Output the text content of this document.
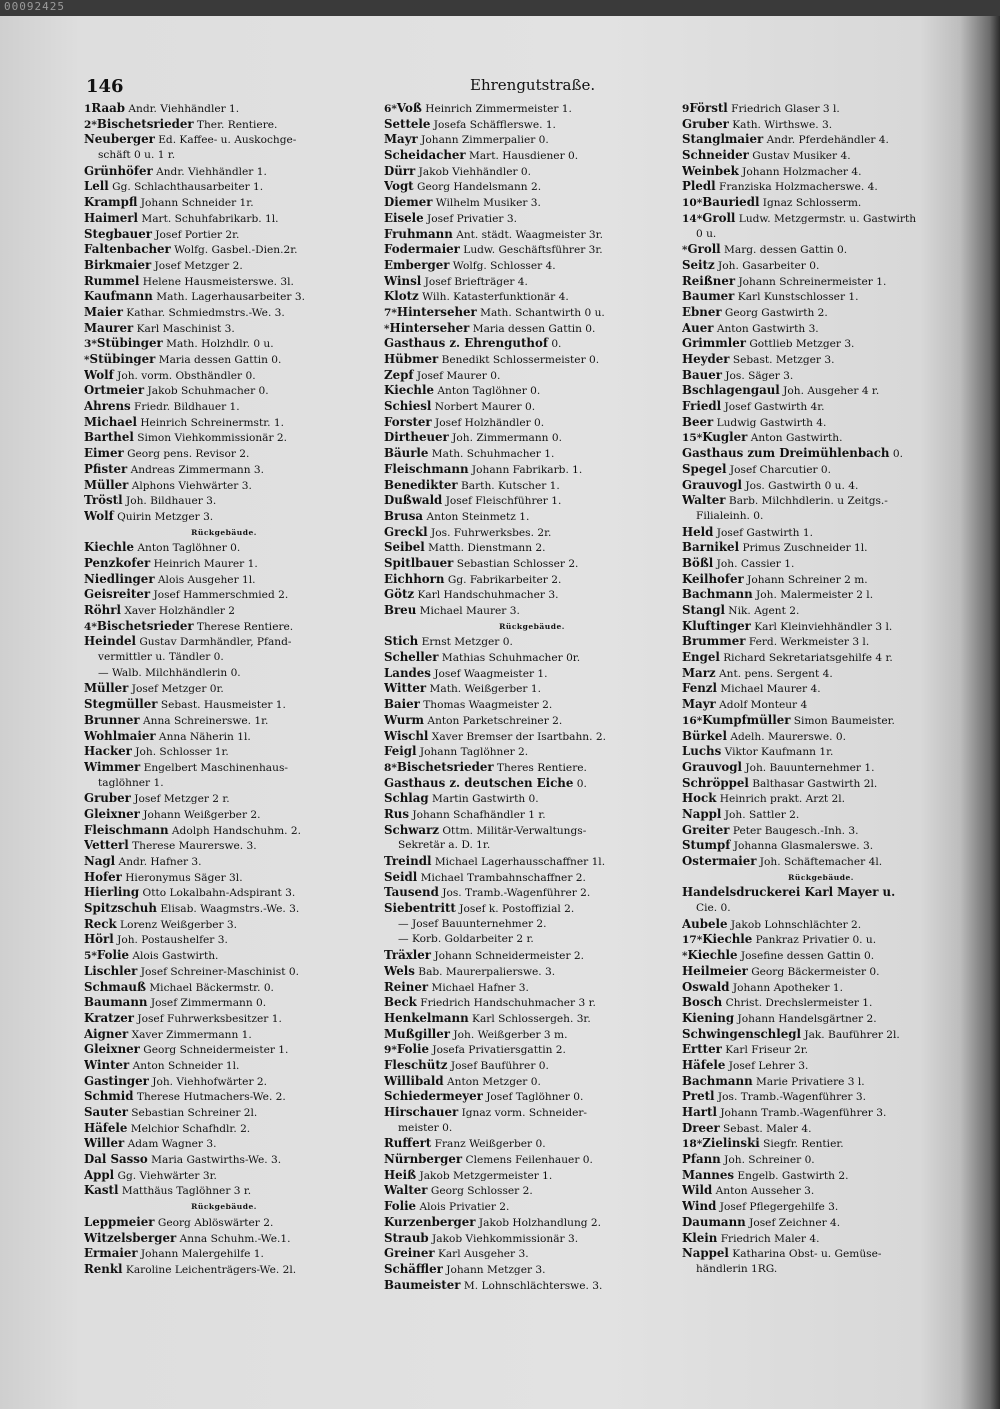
00092425
146	Ehrengutstraße.
1Raab Andr. Viehhändler 1.
2*Bischetsrieder Ther. Rentiere.
Neuberger Ed. Kaffee- u. Auskochge-
schäft 0 u. 1 r.
Grünhöfer Andr. Viehhändler 1.
Lell Gg. Schlachthausarbeiter 1.
Krampfl Johann Schneider 1r.
Haimerl Mart. Schuhfabrikarb. 1l.
Stegbauer Josef Portier 2r.
Faltenbacher Wolfg. Gasbel.-Dien.2r.
Birkmaier Josef Metzger 2.
Rummel Helene Hausmeisterswe. 3l.
Kaufmann Math. Lagerhausarbeiter 3.
Maier Kathar. Schmiedmstrs.-We. 3.
Maurer Karl Maschinist 3.
3*Stübinger Math. Holzhdlr. 0 u.
*Stübinger Maria dessen Gattin 0.
Wolf Joh. vorm. Obsthändler 0.
Ortmeier Jakob Schuhmacher 0.
Ahrens Friedr. Bildhauer 1.
Michael Heinrich Schreinermstr. 1.
Barthel Simon Viehkommissionär 2.
Eimer Georg pens. Revisor 2.
Pfister Andreas Zimmermann 3.
Müller Alphons Viehwärter 3.
Tröstl Joh. Bildhauer 3.
Wolf Quirin Metzger 3.
Rückgebäude.
Kiechle Anton Taglöhner 0.
Penzkofer Heinrich Maurer 1.
Niedlinger Alois Ausgeher 1l.
Geisreiter Josef Hammerschmied 2.
Röhrl Xaver Holzhändler 2
4*Bischetsrieder Therese Rentiere.
Heindel Gustav Darmhändler, Pfand-
vermittler u. Tändler 0.
— Walb. Milchhändlerin 0.
Müller Josef Metzger 0r.
Stegmüller Sebast. Hausmeister 1.
Brunner Anna Schreinerswe. 1r.
Wohlmaier Anna Näherin 1l.
Hacker Joh. Schlosser 1r.
Wimmer Engelbert Maschinenhaus-
taglöhner 1.
Gruber Josef Metzger 2 r.
Gleixner Johann Weißgerber 2.
Fleischmann Adolph Handschuhm. 2.
Vetterl Therese Maurerswe. 3.
Nagl Andr. Hafner 3.
Hofer Hieronymus Säger 3l.
Hierling Otto Lokalbahn-Adspirant 3.
Spitzschuh Elisab. Waagmstrs.-We. 3.
Reck Lorenz Weißgerber 3.
Hörl Joh. Postaushelfer 3.
5*Folie Alois Gastwirth.
Lischler Josef Schreiner-Maschinist 0.
Schmauß Michael Bäckermstr. 0.
Baumann Josef Zimmermann 0.
Kratzer Josef Fuhrwerksbesitzer 1.
Aigner Xaver Zimmermann 1.
Gleixner Georg Schneidermeister 1.
Winter Anton Schneider 1l.
Gastinger Joh. Viehhofwärter 2.
Schmid Therese Hutmachers-We. 2.
Sauter Sebastian Schreiner 2l.
Häfele Melchior Schafhdlr. 2.
Willer Adam Wagner 3.
Dal Sasso Maria Gastwirths-We. 3.
Appl Gg. Viehwärter 3r.
Kastl Matthäus Taglöhner 3 r.
Rückgebäude.
Leppmeier Georg Ablöswärter 2.
Witzelsberger Anna Schuhm.-We.1.
Ermaier Johann Malergehilfe 1.
Renkl Karoline Leichenträgers-We. 2l.
6*Voß Heinrich Zimmermeister 1.
Settele Josefa Schäfflerswe. 1.
Mayr Johann Zimmerpalier 0.
Scheidacher Mart. Hausdiener 0.
Dürr Jakob Viehhändler 0.
Vogt Georg Handelsmann 2.
Diemer Wilhelm Musiker 3.
Eisele Josef Privatier 3.
Fruhmann Ant. städt. Waagmeister 3r.
Fodermaier Ludw. Geschäftsführer 3r.
Emberger Wolfg. Schlosser 4.
Winsl Josef Briefträger 4.
Klotz Wilh. Katasterfunktionär 4.
7*Hinterseher Math. Schantwirth 0 u.
*Hinterseher Maria dessen Gattin 0.
Gasthaus z. Ehrenguthof 0.
Hübmer Benedikt Schlossermeister 0.
Zepf Josef Maurer 0.
Kiechle Anton Taglöhner 0.
Schiesl Norbert Maurer 0.
Forster Josef Holzhändler 0.
Dirtheuer Joh. Zimmermann 0.
Bäurle Math. Schuhmacher 1.
Fleischmann Johann Fabrikarb. 1.
Benedikter Barth. Kutscher 1.
Dußwald Josef Fleischführer 1.
Brusa Anton Steinmetz 1.
Greckl Jos. Fuhrwerksbes. 2r.
Seibel Matth. Dienstmann 2.
Spitlbauer Sebastian Schlosser 2.
Eichhorn Gg. Fabrikarbeiter 2.
Götz Karl Handschuhmacher 3.
Breu Michael Maurer 3.
Rückgebäude.
Stich Ernst Metzger 0.
Scheller Mathias Schuhmacher 0r.
Landes Josef Waagmeister 1.
Witter Math. Weißgerber 1.
Baier Thomas Waagmeister 2.
Wurm Anton Parketschreiner 2.
Wischl Xaver Bremser der Isartbahn. 2.
Feigl Johann Taglöhner 2.
8*Bischetsrieder Theres Rentiere.
Gasthaus z. deutschen Eiche 0.
Schlag Martin Gastwirth 0.
Rus Johann Schafhändler 1 r.
Schwarz Ottm. Militär-Verwaltungs-
Sekretär a. D. 1r.
Treindl Michael Lagerhausschaffner 1l.
Seidl Michael Trambahnschaffner 2.
Tausend Jos. Tramb.-Wagenführer 2.
Siebentritt Josef k. Postoffizial 2.
— Josef Bauunternehmer 2.
— Korb. Goldarbeiter 2 r.
Träxler Johann Schneidermeister 2.
Wels Bab. Maurerpalierswe. 3.
Reiner Michael Hafner 3.
Beck Friedrich Handschuhmacher 3 r.
Henkelmann Karl Schlossergeh. 3r.
Mußgiller Joh. Weißgerber 3 m.
9*Folie Josefa Privatiersgattin 2.
Fleschütz Josef Bauführer 0.
Willibald Anton Metzger 0.
Schiedermeyer Josef Taglöhner 0.
Hirschauer Ignaz vorm. Schneider-
meister 0.
Ruffert Franz Weißgerber 0.
Nürnberger Clemens Feilenhauer 0.
Heiß Jakob Metzgermeister 1.
Walter Georg Schlosser 2.
Folie Alois Privatier 2.
Kurzenberger Jakob Holzhandlung 2.
Straub Jakob Viehkommissionär 3.
Greiner Karl Ausgeher 3.
Schäffler Johann Metzger 3.
Baumeister M. Lohnschlächterswe. 3.
9Förstl Friedrich Glaser 3 l.
Gruber Kath. Wirthswe. 3.
Stanglmaier Andr. Pferdehändler 4.
Schneider Gustav Musiker 4.
Weinbek Johann Holzmacher 4.
Pledl Franziska Holzmacherswe. 4.
10*Bauriedl Ignaz Schlosserm.
14*Groll Ludw. Metzgermstr. u. Gastwirth
0 u.
*Groll Marg. dessen Gattin 0.
Seitz Joh. Gasarbeiter 0.
Reißner Johann Schreinermeister 1.
Baumer Karl Kunstschlosser 1.
Ebner Georg Gastwirth 2.
Auer Anton Gastwirth 3.
Grimmler Gottlieb Metzger 3.
Heyder Sebast. Metzger 3.
Bauer Jos. Säger 3.
Bschlagengaul Joh. Ausgeher 4 r.
Friedl Josef Gastwirth 4r.
Beer Ludwig Gastwirth 4.
15*Kugler Anton Gastwirth.
Gasthaus zum Dreimühlenbach 0.
Spegel Josef Charcutier 0.
Grauvogl Jos. Gastwirth 0 u. 4.
Walter Barb. Milchhdlerin. u Zeitgs.-
Filialeinh. 0.
Held Josef Gastwirth 1.
Barnikel Primus Zuschneider 1l.
Bößl Joh. Cassier 1.
Keilhofer Johann Schreiner 2 m.
Bachmann Joh. Malermeister 2 l.
Stangl Nik. Agent 2.
Kluftinger Karl Kleinviehhändler 3 l.
Brummer Ferd. Werkmeister 3 l.
Engel Richard Sekretariatsgehilfe 4 r.
Marz Ant. pens. Sergent 4.
Fenzl Michael Maurer 4.
Mayr Adolf Monteur 4
16*Kumpfmüller Simon Baumeister.
Bürkel Adelh. Maurerswe. 0.
Luchs Viktor Kaufmann 1r.
Grauvogl Joh. Bauunternehmer 1.
Schröppel Balthasar Gastwirth 2l.
Hock Heinrich prakt. Arzt 2l.
Nappl Joh. Sattler 2.
Greiter Peter Baugesch.-Inh. 3.
Stumpf Johanna Glasmalerswe. 3.
Ostermaier Joh. Schäftemacher 4l.
Rückgebäude.
Handelsdruckerei Karl Mayer u.
Cie. 0.
Aubele Jakob Lohnschlächter 2.
17*Kiechle Pankraz Privatier 0. u.
*Kiechle Josefine dessen Gattin 0.
Heilmeier Georg Bäckermeister 0.
Oswald Johann Apotheker 1.
Bosch Christ. Drechslermeister 1.
Kiening Johann Handelsgärtner 2.
Schwingenschlegl Jak. Bauführer 2l.
Ertter Karl Friseur 2r.
Häfele Josef Lehrer 3.
Bachmann Marie Privatiere 3 l.
Pretl Jos. Tramb.-Wagenführer 3.
Hartl Johann Tramb.-Wagenführer 3.
Dreer Sebast. Maler 4.
18*Zielinski Siegfr. Rentier.
Pfann Joh. Schreiner 0.
Mannes Engelb. Gastwirth 2.
Wild Anton Ausseher 3.
Wind Josef Pflegergehilfe 3.
Daumann Josef Zeichner 4.
Klein Friedrich Maler 4.
Nappel Katharina Obst- u. Gemüse-
händlerin 1RG.
